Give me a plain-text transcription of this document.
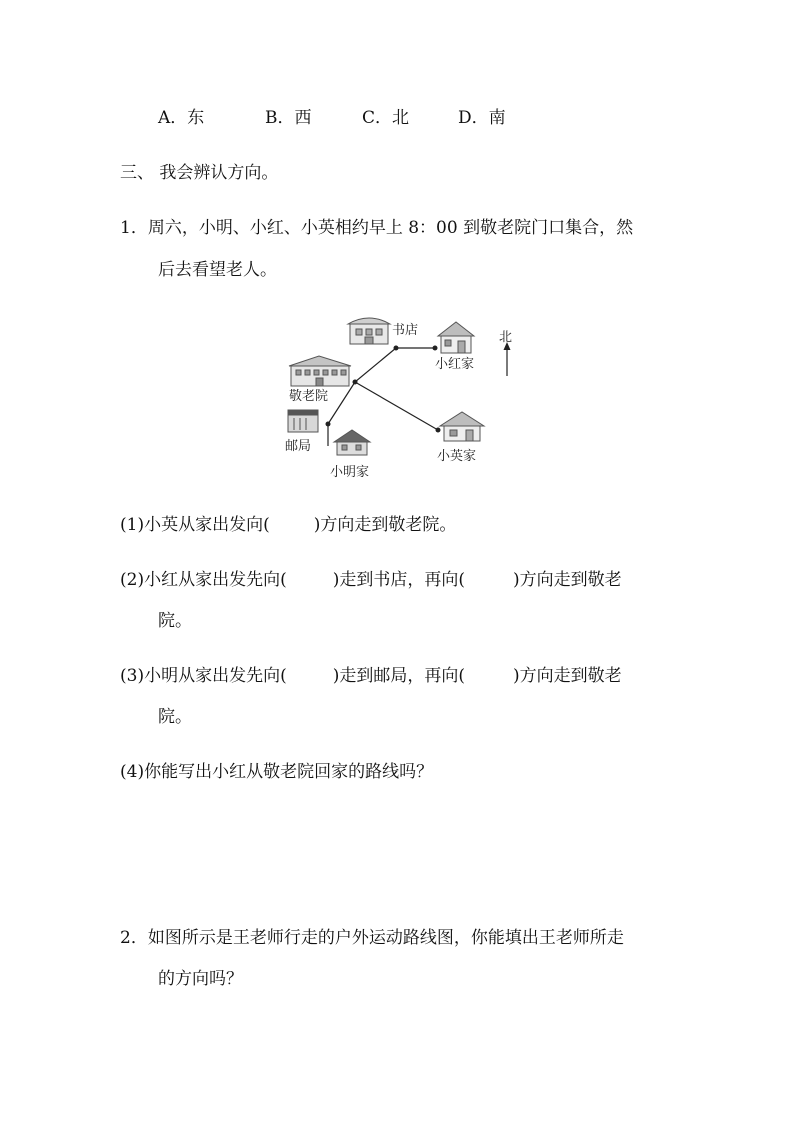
A．东	B．西	C．北	D．南
三、 我会辨认方向。
1．周六，小明、小红、小英相约早上 8：00 到敬老院门口集合，然
后去看望老人。
书店
小红家
北
敬老院
邮局
小明家
小英家
(1)小英从家出发向(	)方向走到敬老院。
(2)小红从家出发先向(	)走到书店，再向(	)方向走到敬老
院。
(3)小明从家出发先向(	)走到邮局，再向(	)方向走到敬老
院。
(4)你能写出小红从敬老院回家的路线吗？
2．如图所示是王老师行走的户外运动路线图，你能填出王老师所走
的方向吗？
